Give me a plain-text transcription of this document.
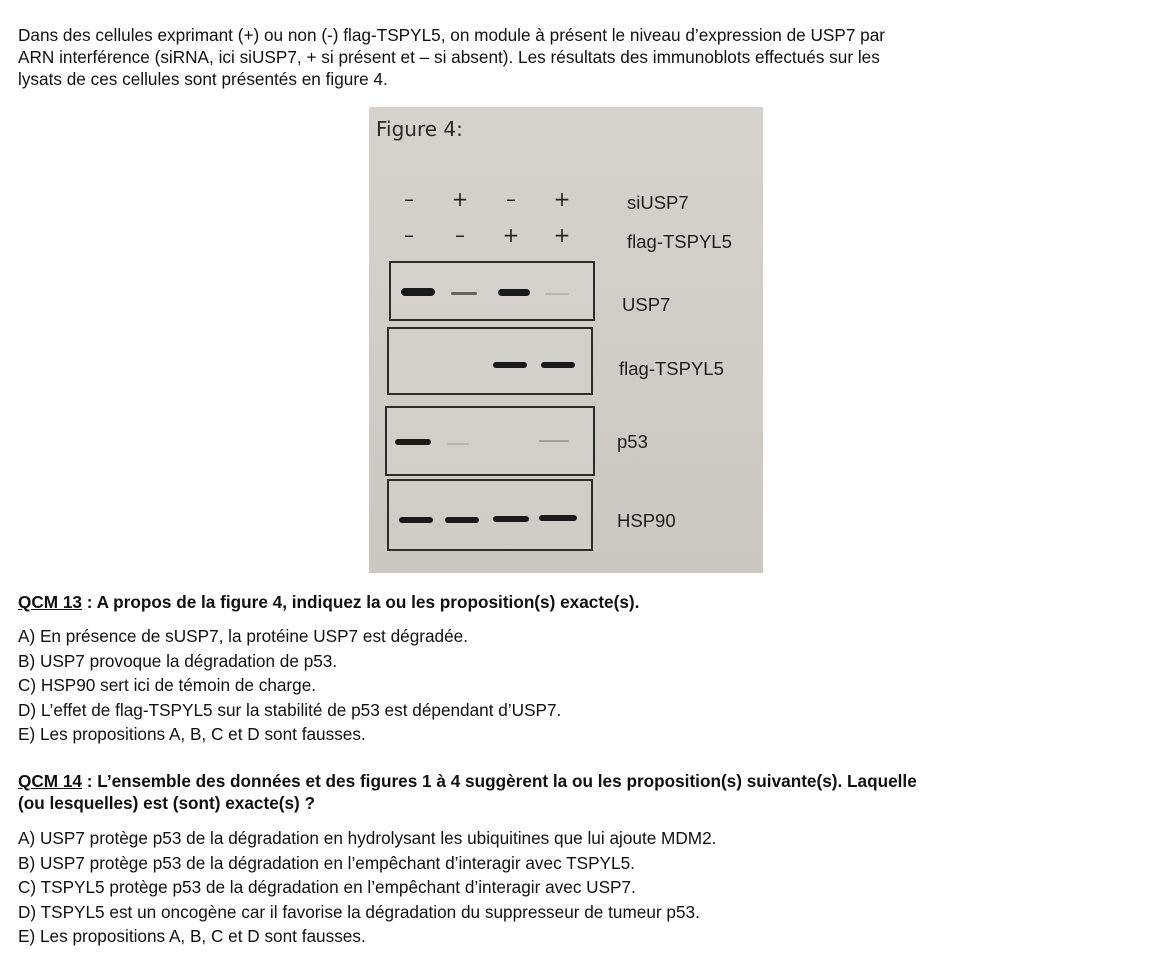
Dans des cellules exprimant (+) ou non (-) flag-TSPYL5, on module à présent le niveau d’expression de USP7 par
ARN interférence (siRNA, ici siUSP7, + si présent et – si absent). Les résultats des immunoblots effectués sur les
lysats de ces cellules sont présentés en figure 4.

Figure 4:
– + – +	siUSP7
– – + +	flag-TSPYL5
USP7
flag-TSPYL5
p53
HSP90

QCM 13 : A propos de la figure 4, indiquez la ou les proposition(s) exacte(s).

A) En présence de sUSP7, la protéine USP7 est dégradée.
B) USP7 provoque la dégradation de p53.
C) HSP90 sert ici de témoin de charge.
D) L’effet de flag-TSPYL5 sur la stabilité de p53 est dépendant d’USP7.
E) Les propositions A, B, C et D sont fausses.

QCM 14 : L’ensemble des données et des figures 1 à 4 suggèrent la ou les proposition(s) suivante(s). Laquelle
(ou lesquelles) est (sont) exacte(s) ?

A) USP7 protège p53 de la dégradation en hydrolysant les ubiquitines que lui ajoute MDM2.
B) USP7 protège p53 de la dégradation en l’empêchant d’interagir avec TSPYL5.
C) TSPYL5 protège p53 de la dégradation en l’empêchant d’interagir avec USP7.
D) TSPYL5 est un oncogène car il favorise la dégradation du suppresseur de tumeur p53.
E) Les propositions A, B, C et D sont fausses.
